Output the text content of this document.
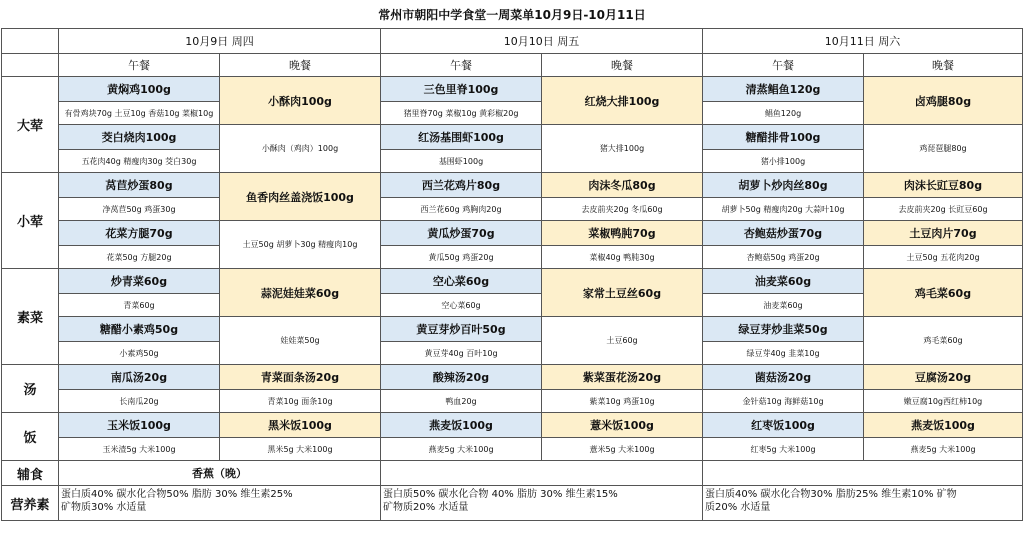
常州市朝阳中学食堂一周菜单10月9日-10月11日						
	10月9日 周四		10月10日 周五		10月11日 周六	
	午餐	晚餐	午餐	晚餐	午餐	晚餐
大荤	黄焖鸡100g	小酥肉100g	三色里脊100g	红烧大排100g	清蒸鲳鱼120g	卤鸡腿80g
	有骨鸡块70g 土豆10g 香菇10g 菜椒10g		猪里脊70g 菜椒10g 黄彩椒20g		鲳鱼120g	
	茭白烧肉100g	小酥肉（鸡肉）100g	红汤基围虾100g	猪大排100g	糖醋排骨100g	鸡琵琶腿80g
	五花肉40g 精瘦肉30g 茭白30g		基围虾100g		猪小排100g	
小荤	莴苣炒蛋80g	鱼香肉丝盖浇饭100g	西兰花鸡片80g	肉沫冬瓜80g	胡萝卜炒肉丝80g	肉沫长豇豆80g
	净莴苣50g 鸡蛋30g		西兰花60g 鸡胸肉20g	去皮前夹20g 冬瓜60g	胡萝卜50g 精瘦肉20g 大蒜叶10g	去皮前夹20g 长豇豆60g
	花菜方腿70g	土豆50g 胡萝卜30g 精瘦肉10g	黄瓜炒蛋70g	菜椒鸭肫70g	杏鲍菇炒蛋70g	土豆肉片70g
	花菜50g 方腿20g		黄瓜50g 鸡蛋20g	菜椒40g 鸭肫30g	杏鲍菇50g 鸡蛋20g	土豆50g 五花肉20g
素菜	炒青菜60g	蒜泥娃娃菜60g	空心菜60g	家常土豆丝60g	油麦菜60g	鸡毛菜60g
	青菜60g		空心菜60g		油麦菜60g	
	糖醋小素鸡50g	娃娃菜50g	黄豆芽炒百叶50g	土豆60g	绿豆芽炒韭菜50g	鸡毛菜60g
	小素鸡50g		黄豆芽40g 百叶10g		绿豆芽40g 韭菜10g	
汤	南瓜汤20g	青菜面条汤20g	酸辣汤20g	紫菜蛋花汤20g	菌菇汤20g	豆腐汤20g
	长南瓜20g	青菜10g 面条10g	鸭血20g	紫菜10g 鸡蛋10g	金针菇10g 海鲜菇10g	嫩豆腐10g西红柿10g
饭	玉米饭100g	黑米饭100g	燕麦饭100g	薏米饭100g	红枣饭100g	燕麦饭100g
	玉米渣5g 大米100g	黑米5g 大米100g	燕麦5g 大米100g	薏米5g 大米100g	红枣5g 大米100g	燕麦5g 大米100g
辅食	香蕉（晚）					
营养素	蛋白质40% 碳水化合物50% 脂肪 30% 维生素25%
矿物质30% 水适量		蛋白质50% 碳水化合物 40% 脂肪 30% 维生素15%
矿物质20% 水适量		蛋白质40% 碳水化合物30% 脂肪25% 维生素10% 矿物
质20% 水适量	
